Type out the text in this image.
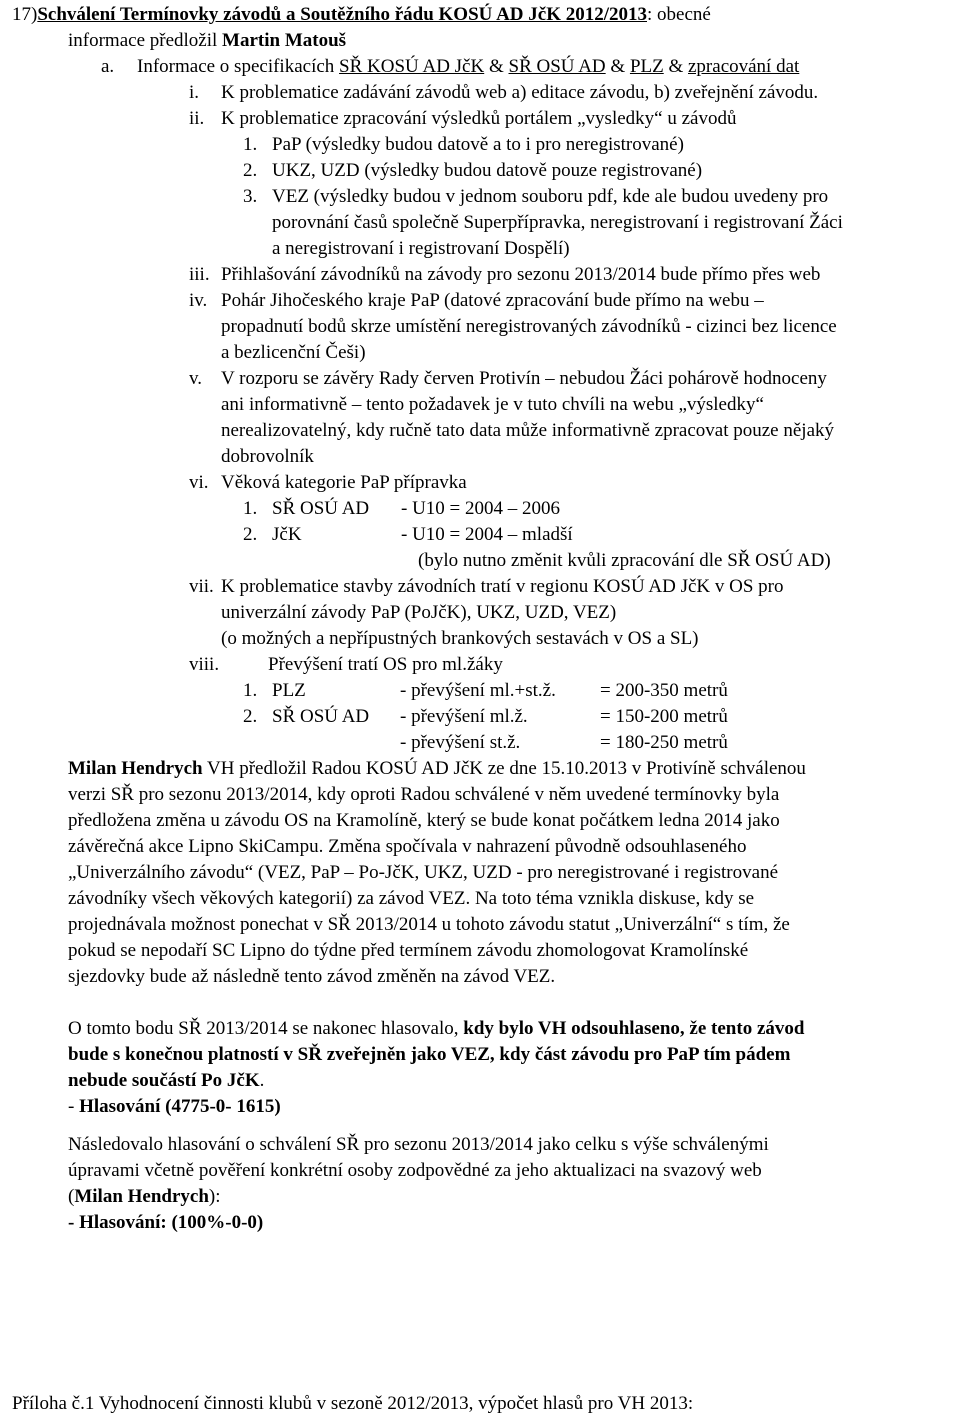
17)Schválení Termínovky závodů a Soutěžního řádu KOSÚ AD JčK 2012/2013: obecné
informace předložil Martin Matouš
a. Informace o specifikacích SŘ KOSÚ AD JčK & SŘ OSÚ AD & PLZ & zpracování dat
i. K problematice zadávání závodů web a) editace závodu, b) zveřejnění závodu.
ii. K problematice zpracování výsledků portálem „vysledky“ u závodů
1. PaP (výsledky budou datově a to i pro neregistrované)
2. UKZ, UZD (výsledky budou datově pouze registrované)
3. VEZ (výsledky budou v jednom souboru pdf, kde ale budou uvedeny pro
porovnání časů společně Superpřípravka, neregistrovaní i registrovaní Žáci
a neregistrovaní i registrovaní Dospělí)
iii. Přihlašování závodníků na závody pro sezonu 2013/2014 bude přímo přes web
iv. Pohár Jihočeského kraje PaP (datové zpracování bude přímo na webu –
propadnutí bodů skrze umístění neregistrovaných závodníků - cizinci bez licence
a bezlicenční Češi)
v. V rozporu se závěry Rady červen Protivín – nebudou Žáci pohárově hodnoceny
ani informativně – tento požadavek je v tuto chvíli na webu „výsledky“
nerealizovatelný, kdy ručně tato data může informativně zpracovat pouze nějaký
dobrovolník
vi. Věková kategorie PaP přípravka
1. SŘ OSÚ AD - U10 = 2004 – 2006
2. JčK	- U10 = 2004 – mladší
(bylo nutno změnit kvůli zpracování dle SŘ OSÚ AD)
vii. K problematice stavby závodních tratí v regionu KOSÚ AD JčK v OS pro
univerzální závody PaP (PoJčK), UKZ, UZD, VEZ)
(o možných a nepřípustných brankových sestavách v OS a SL)
viii.	Převýšení tratí OS pro ml.žáky
1. PLZ	- převýšení ml.+st.ž. = 200-350 metrů
2. SŘ OSÚ AD - převýšení ml.ž.	= 150-200 metrů
- převýšení st.ž.	= 180-250 metrů
Milan Hendrych VH předložil Radou KOSÚ AD JčK ze dne 15.10.2013 v Protivíně schválenou
verzi SŘ pro sezonu 2013/2014, kdy oproti Radou schválené v něm uvedené termínovky byla
předložena změna u závodu OS na Kramolíně, který se bude konat počátkem ledna 2014 jako
závěrečná akce Lipno SkiCampu. Změna spočívala v nahrazení původně odsouhlaseného
„Univerzálního závodu“ (VEZ, PaP – Po-JčK, UKZ, UZD - pro neregistrované i registrované
závodníky všech věkových kategorií) za závod VEZ. Na toto téma vznikla diskuse, kdy se
projednávala možnost ponechat v SŘ 2013/2014 u tohoto závodu statut „Univerzální“ s tím, že
pokud se nepodaří SC Lipno do týdne před termínem závodu zhomologovat Kramolínské
sjezdovky bude až následně tento závod změněn na závod VEZ.
O tomto bodu SŘ 2013/2014 se nakonec hlasovalo, kdy bylo VH odsouhlaseno, že tento závod
bude s konečnou platností v SŘ zveřejněn jako VEZ, kdy část závodu pro PaP tím pádem
nebude součástí Po JčK.
- Hlasování (4775-0- 1615)
Následovalo hlasování o schválení SŘ pro sezonu 2013/2014 jako celku s výše schválenými
úpravami včetně pověření konkrétní osoby zodpovědné za jeho aktualizaci na svazový web
(Milan Hendrych):
- Hlasování: (100%-0-0)
Příloha č.1 Vyhodnocení činnosti klubů v sezoně 2012/2013, výpočet hlasů pro VH 2013:
